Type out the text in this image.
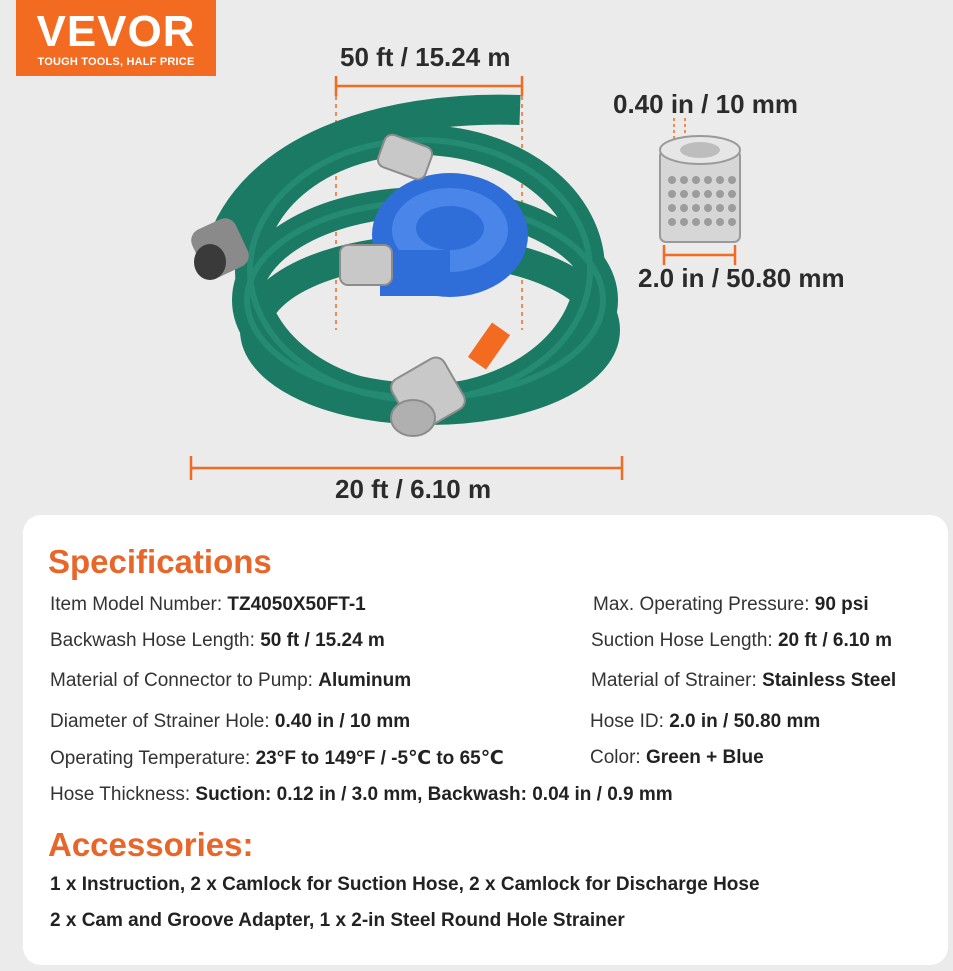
VEVOR
TOUGH TOOLS, HALF PRICE	50 ft / 15.24 m
0.40 in / 10 mm
2.0 in / 50.80 mm
20 ft / 6.10 m
Specifications
Item Model Number: TZ4050X50FT-1	Max. Operating Pressure: 90 psi
Backwash Hose Length: 50 ft / 15.24 m	Suction Hose Length: 20 ft / 6.10 m
Material of Connector to Pump: Aluminum	Material of Strainer: Stainless Steel
Diameter of Strainer Hole: 0.40 in / 10 mm	Hose ID: 2.0 in / 50.80 mm
Operating Temperature: 23°F to 149°F / -5℃ to 65℃	Color: Green + Blue
Hose Thickness: Suction: 0.12 in / 3.0 mm, Backwash: 0.04 in / 0.9 mm
Accessories:
1 x Instruction, 2 x Camlock for Suction Hose, 2 x Camlock for Discharge Hose
2 x Cam and Groove Adapter, 1 x 2-in Steel Round Hole Strainer
